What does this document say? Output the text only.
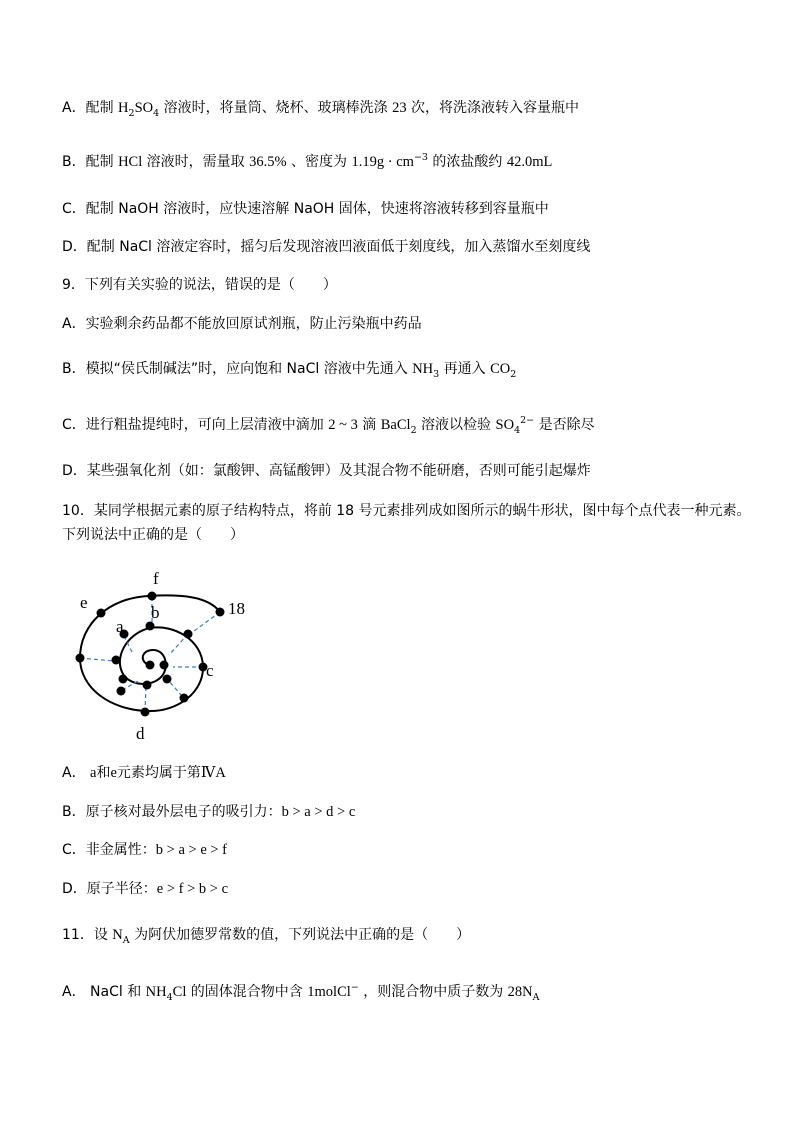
A．配制 $H_2SO_4$ 溶液时，将量筒、烧杯、玻璃棒洗涤 23 次，将洗涤液转入容量瓶中
B．配制 HCl 溶液时，需量取 36.5% 、密度为 $1.19g \cdot cm^{-3}$ 的浓盐酸约 42.0mL
C．配制 NaOH 溶液时，应快速溶解 NaOH 固体，快速将溶液转移到容量瓶中
D．配制 NaCl 溶液定容时，摇匀后发现溶液凹液面低于刻度线，加入蒸馏水至刻度线
9．下列有关实验的说法，错误的是（　　）
A．实验剩余药品都不能放回原试剂瓶，防止污染瓶中药品
B．模拟“侯氏制碱法”时，应向饱和 NaCl 溶液中先通入 $NH_3$ 再通入 $CO_2$
C．进行粗盐提纯时，可向上层清液中滴加 2 ~ 3 滴 BaCl$_2$ 溶液以检验 $SO_4^{2-}$ 是否除尽
D．某些强氧化剂（如：氯酸钾、高锰酸钾）及其混合物不能研磨，否则可能引起爆炸
10．某同学根据元素的原子结构特点，将前 18 号元素排列成如图所示的蜗牛形状，图中每个点代表一种元素。
下列说法中正确的是（　　）
A． a和e元素均属于第ⅣA
B．原子核对最外层电子的吸引力：b > a > d > c
C．非金属性：b > a > e > f
D．原子半径：e > f > b > c
11．设 $N_A$ 为阿伏加德罗常数的值，下列说法中正确的是（　　）
A． NaCl 和 $NH_4Cl$ 的固体混合物中含 1molCl− ，则混合物中质子数为 $28N_A$
f
e
b
a
18
c
d
